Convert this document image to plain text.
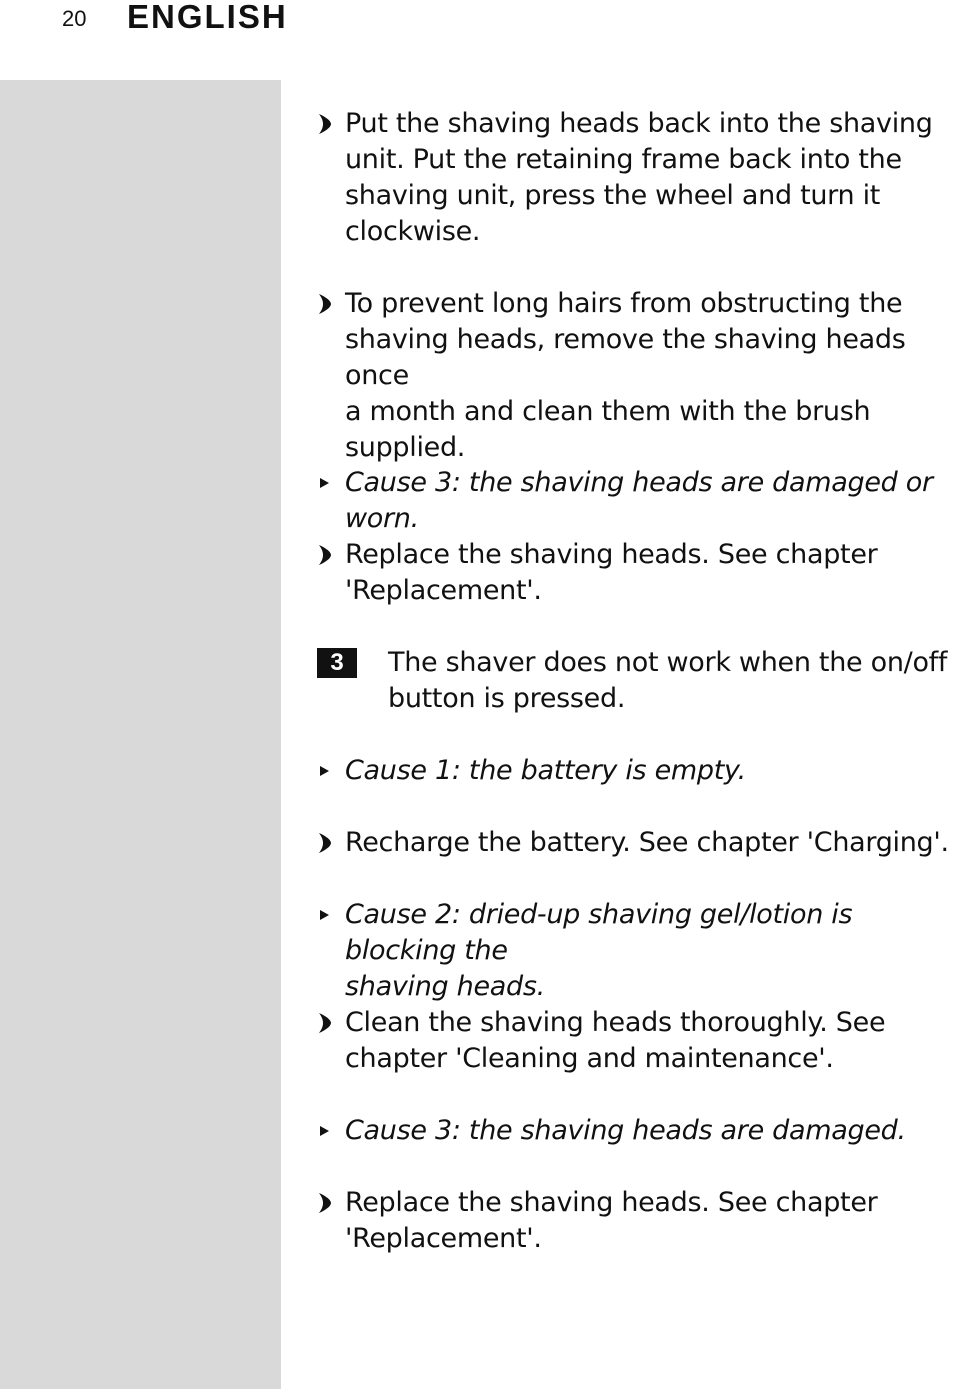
20 ENGLISH
Put the shaving heads back into the shaving
unit. Put the retaining frame back into the
shaving unit, press the wheel and turn it
clockwise.
To prevent long hairs from obstructing the
shaving heads, remove the shaving heads once
a month and clean them with the brush
supplied.
Cause 3: the shaving heads are damaged or worn.
Replace the shaving heads. See chapter
'Replacement'.
3	The shaver does not work when the on/off
button is pressed.
Cause 1: the battery is empty.
Recharge the battery. See chapter 'Charging'.
Cause 2: dried-up shaving gel/lotion is blocking the
shaving heads.
Clean the shaving heads thoroughly. See
chapter 'Cleaning and maintenance'.
Cause 3: the shaving heads are damaged.
Replace the shaving heads. See chapter
'Replacement'.
